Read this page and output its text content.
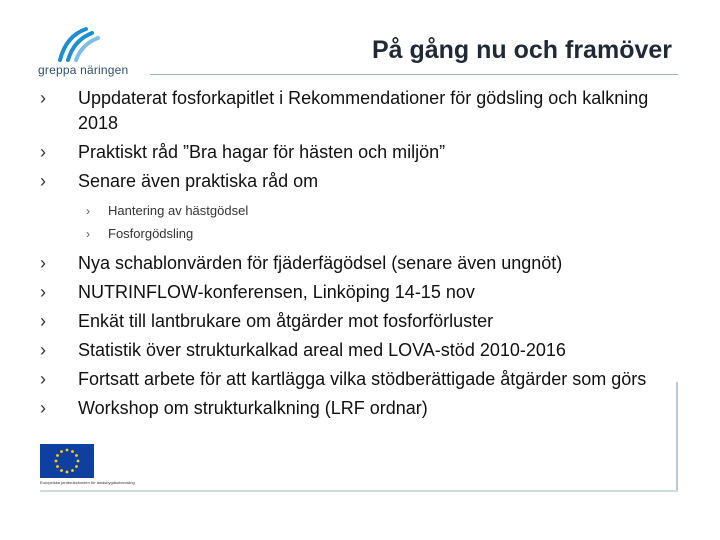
greppa näringen
På gång nu och framöver
› Uppdaterat fosforkapitlet i Rekommendationer för gödsling och kalkning 2018
› Praktiskt råd ”Bra hagar för hästen och miljön”
› Senare även praktiska råd om
› Hantering av hästgödsel
› Fosforgödsling
› Nya schablonvärden för fjäderfägödsel (senare även ungnöt)
› NUTRINFLOW-konferensen, Linköping 14-15 nov
› Enkät till lantbrukare om åtgärder mot fosforförluster
› Statistik över strukturkalkad areal med LOVA-stöd 2010-2016
› Fortsatt arbete för att kartlägga vilka stödberättigade åtgärder som görs
› Workshop om strukturkalkning (LRF ordnar)
Europeiska jordbruksfonden för landsbygdsutveckling
